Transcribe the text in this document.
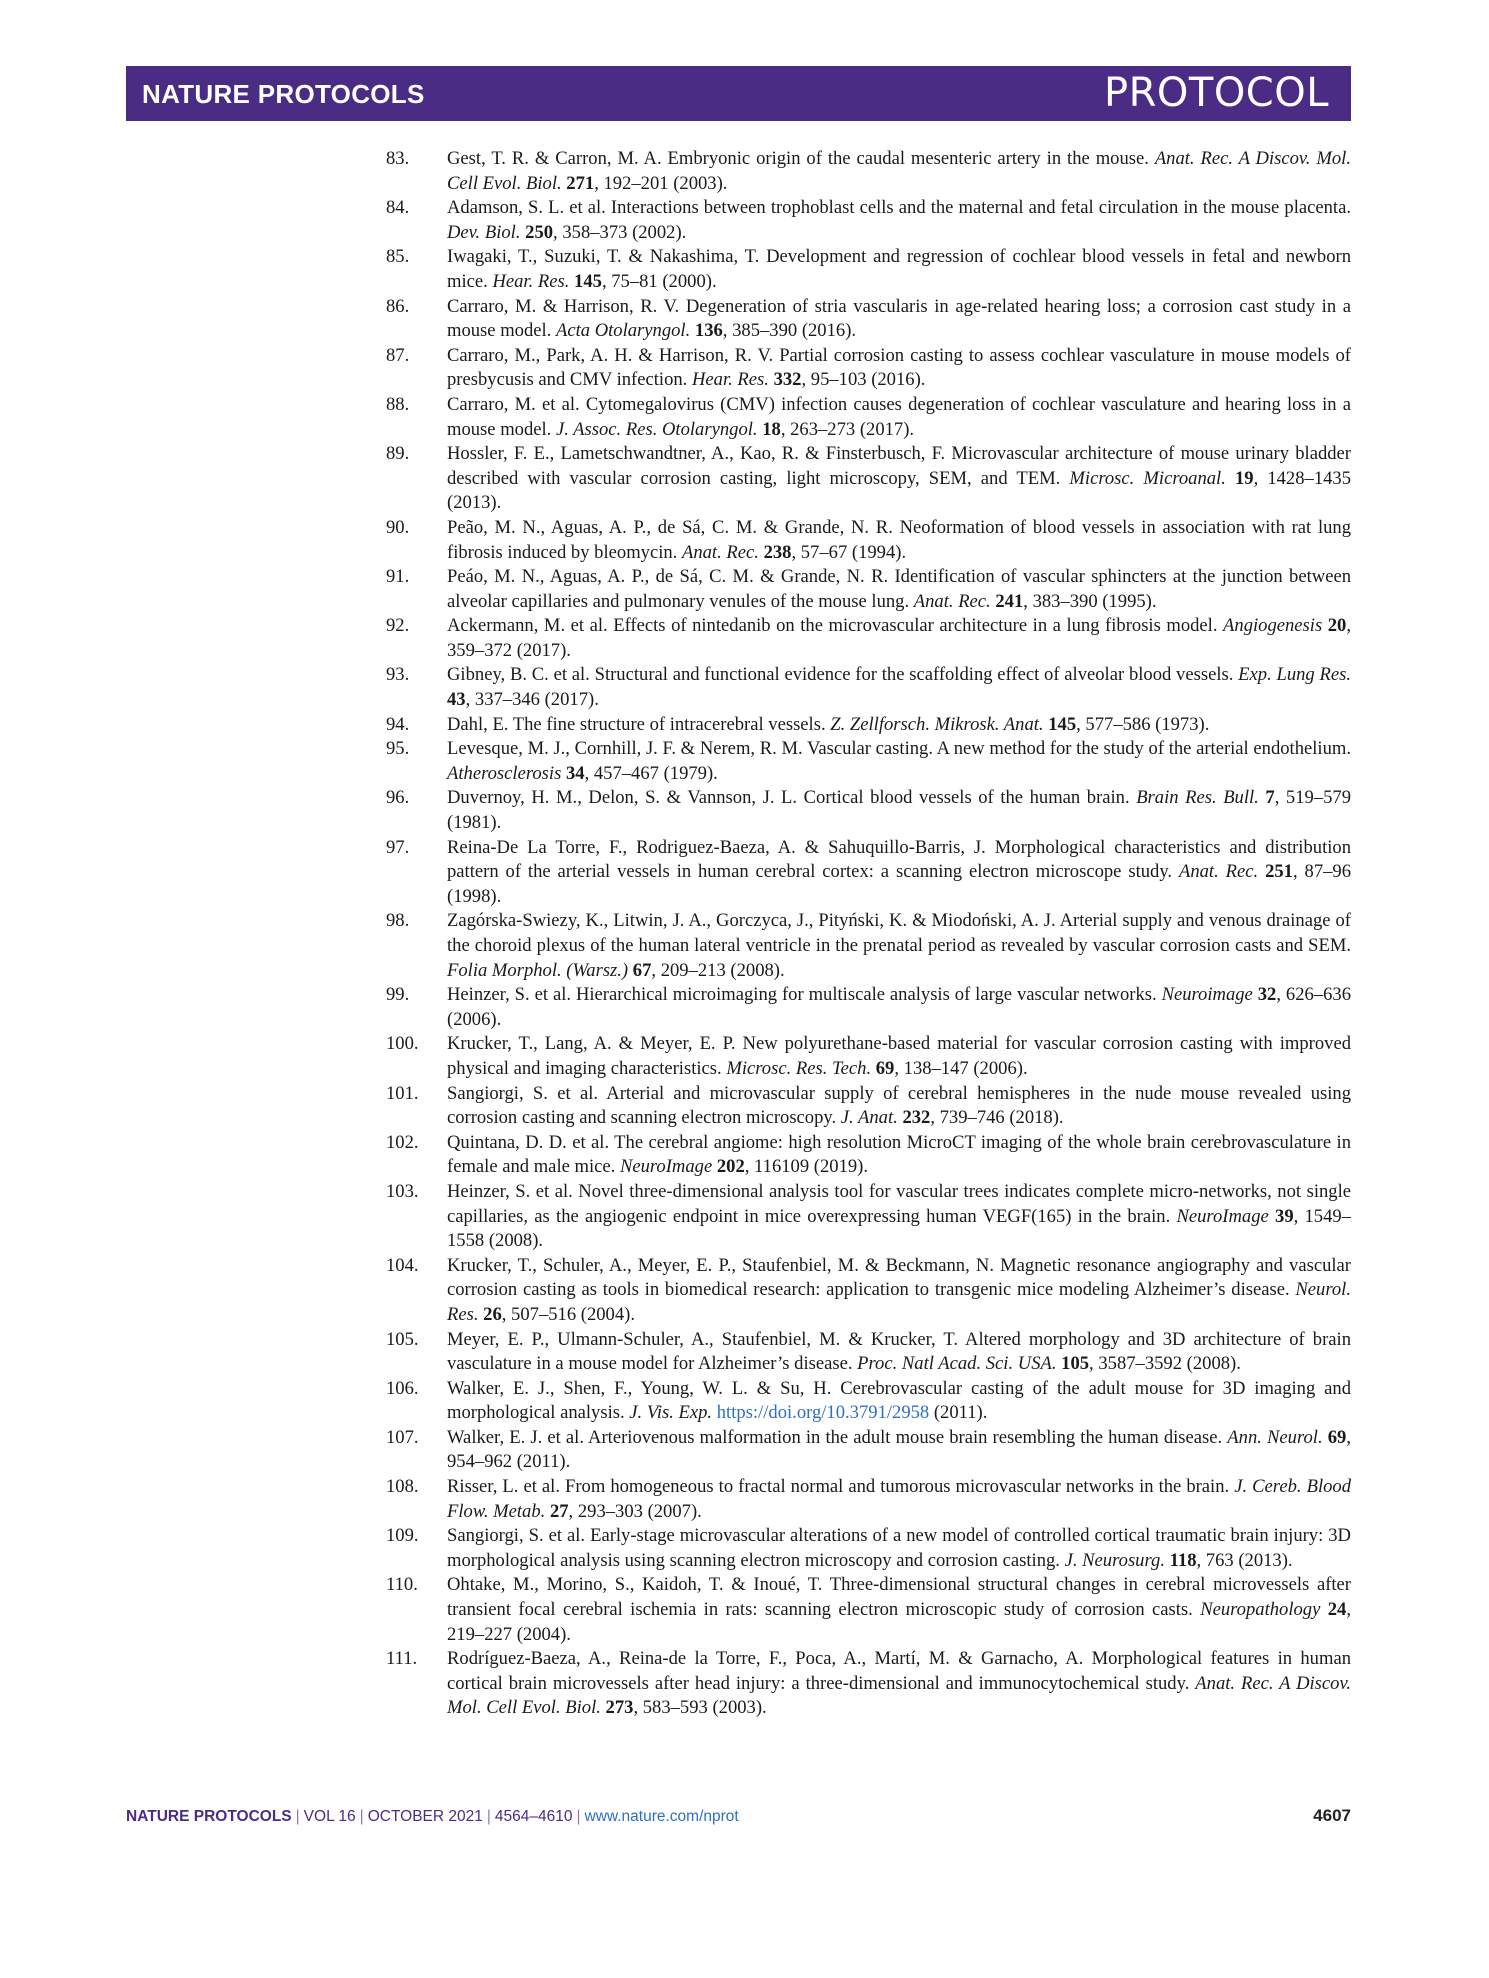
NATURE PROTOCOLS	PROTOCOL
83.	Gest, T. R. & Carron, M. A. Embryonic origin of the caudal mesenteric artery in the mouse. Anat. Rec. A Discov. Mol. Cell Evol. Biol. 271, 192–201 (2003).
84.	Adamson, S. L. et al. Interactions between trophoblast cells and the maternal and fetal circulation in the mouse placenta. Dev. Biol. 250, 358–373 (2002).
85.	Iwagaki, T., Suzuki, T. & Nakashima, T. Development and regression of cochlear blood vessels in fetal and newborn mice. Hear. Res. 145, 75–81 (2000).
86.	Carraro, M. & Harrison, R. V. Degeneration of stria vascularis in age-related hearing loss; a corrosion cast study in a mouse model. Acta Otolaryngol. 136, 385–390 (2016).
87.	Carraro, M., Park, A. H. & Harrison, R. V. Partial corrosion casting to assess cochlear vasculature in mouse models of presbycusis and CMV infection. Hear. Res. 332, 95–103 (2016).
88.	Carraro, M. et al. Cytomegalovirus (CMV) infection causes degeneration of cochlear vasculature and hearing loss in a mouse model. J. Assoc. Res. Otolaryngol. 18, 263–273 (2017).
89.	Hossler, F. E., Lametschwandtner, A., Kao, R. & Finsterbusch, F. Microvascular architecture of mouse urinary bladder described with vascular corrosion casting, light microscopy, SEM, and TEM. Microsc. Microanal. 19, 1428–1435 (2013).
90.	Peão, M. N., Aguas, A. P., de Sá, C. M. & Grande, N. R. Neoformation of blood vessels in association with rat lung fibrosis induced by bleomycin. Anat. Rec. 238, 57–67 (1994).
91.	Peáo, M. N., Aguas, A. P., de Sá, C. M. & Grande, N. R. Identification of vascular sphincters at the junction between alveolar capillaries and pulmonary venules of the mouse lung. Anat. Rec. 241, 383–390 (1995).
92.	Ackermann, M. et al. Effects of nintedanib on the microvascular architecture in a lung fibrosis model. Angiogenesis 20, 359–372 (2017).
93.	Gibney, B. C. et al. Structural and functional evidence for the scaffolding effect of alveolar blood vessels. Exp. Lung Res. 43, 337–346 (2017).
94.	Dahl, E. The fine structure of intracerebral vessels. Z. Zellforsch. Mikrosk. Anat. 145, 577–586 (1973).
95.	Levesque, M. J., Cornhill, J. F. & Nerem, R. M. Vascular casting. A new method for the study of the arterial endothelium. Atherosclerosis 34, 457–467 (1979).
96.	Duvernoy, H. M., Delon, S. & Vannson, J. L. Cortical blood vessels of the human brain. Brain Res. Bull. 7, 519–579 (1981).
97.	Reina-De La Torre, F., Rodriguez-Baeza, A. & Sahuquillo-Barris, J. Morphological characteristics and distribution pattern of the arterial vessels in human cerebral cortex: a scanning electron microscope study. Anat. Rec. 251, 87–96 (1998).
98.	Zagórska-Swiezy, K., Litwin, J. A., Gorczyca, J., Pityński, K. & Miodoński, A. J. Arterial supply and venous drainage of the choroid plexus of the human lateral ventricle in the prenatal period as revealed by vascular corrosion casts and SEM. Folia Morphol. (Warsz.) 67, 209–213 (2008).
99.	Heinzer, S. et al. Hierarchical microimaging for multiscale analysis of large vascular networks. Neuroimage 32, 626–636 (2006).
100.	Krucker, T., Lang, A. & Meyer, E. P. New polyurethane-based material for vascular corrosion casting with improved physical and imaging characteristics. Microsc. Res. Tech. 69, 138–147 (2006).
101.	Sangiorgi, S. et al. Arterial and microvascular supply of cerebral hemispheres in the nude mouse revealed using corrosion casting and scanning electron microscopy. J. Anat. 232, 739–746 (2018).
102.	Quintana, D. D. et al. The cerebral angiome: high resolution MicroCT imaging of the whole brain cerebrovasculature in female and male mice. NeuroImage 202, 116109 (2019).
103.	Heinzer, S. et al. Novel three-dimensional analysis tool for vascular trees indicates complete micro-networks, not single capillaries, as the angiogenic endpoint in mice overexpressing human VEGF(165) in the brain. NeuroImage 39, 1549–1558 (2008).
104.	Krucker, T., Schuler, A., Meyer, E. P., Staufenbiel, M. & Beckmann, N. Magnetic resonance angiography and vascular corrosion casting as tools in biomedical research: application to transgenic mice modeling Alzheimer’s disease. Neurol. Res. 26, 507–516 (2004).
105.	Meyer, E. P., Ulmann-Schuler, A., Staufenbiel, M. & Krucker, T. Altered morphology and 3D architecture of brain vasculature in a mouse model for Alzheimer’s disease. Proc. Natl Acad. Sci. USA. 105, 3587–3592 (2008).
106.	Walker, E. J., Shen, F., Young, W. L. & Su, H. Cerebrovascular casting of the adult mouse for 3D imaging and morphological analysis. J. Vis. Exp. https://doi.org/10.3791/2958 (2011).
107.	Walker, E. J. et al. Arteriovenous malformation in the adult mouse brain resembling the human disease. Ann. Neurol. 69, 954–962 (2011).
108.	Risser, L. et al. From homogeneous to fractal normal and tumorous microvascular networks in the brain. J. Cereb. Blood Flow. Metab. 27, 293–303 (2007).
109.	Sangiorgi, S. et al. Early-stage microvascular alterations of a new model of controlled cortical traumatic brain injury: 3D morphological analysis using scanning electron microscopy and corrosion casting. J. Neurosurg. 118, 763 (2013).
110.	Ohtake, M., Morino, S., Kaidoh, T. & Inoué, T. Three-dimensional structural changes in cerebral microvessels after transient focal cerebral ischemia in rats: scanning electron microscopic study of corrosion casts. Neuropathology 24, 219–227 (2004).
111.	Rodríguez-Baeza, A., Reina-de la Torre, F., Poca, A., Martí, M. & Garnacho, A. Morphological features in human cortical brain microvessels after head injury: a three-dimensional and immunocytochemical study. Anat. Rec. A Discov. Mol. Cell Evol. Biol. 273, 583–593 (2003).
NATURE PROTOCOLS | VOL 16 | OCTOBER 2021 | 4564–4610 | www.nature.com/nprot	4607
